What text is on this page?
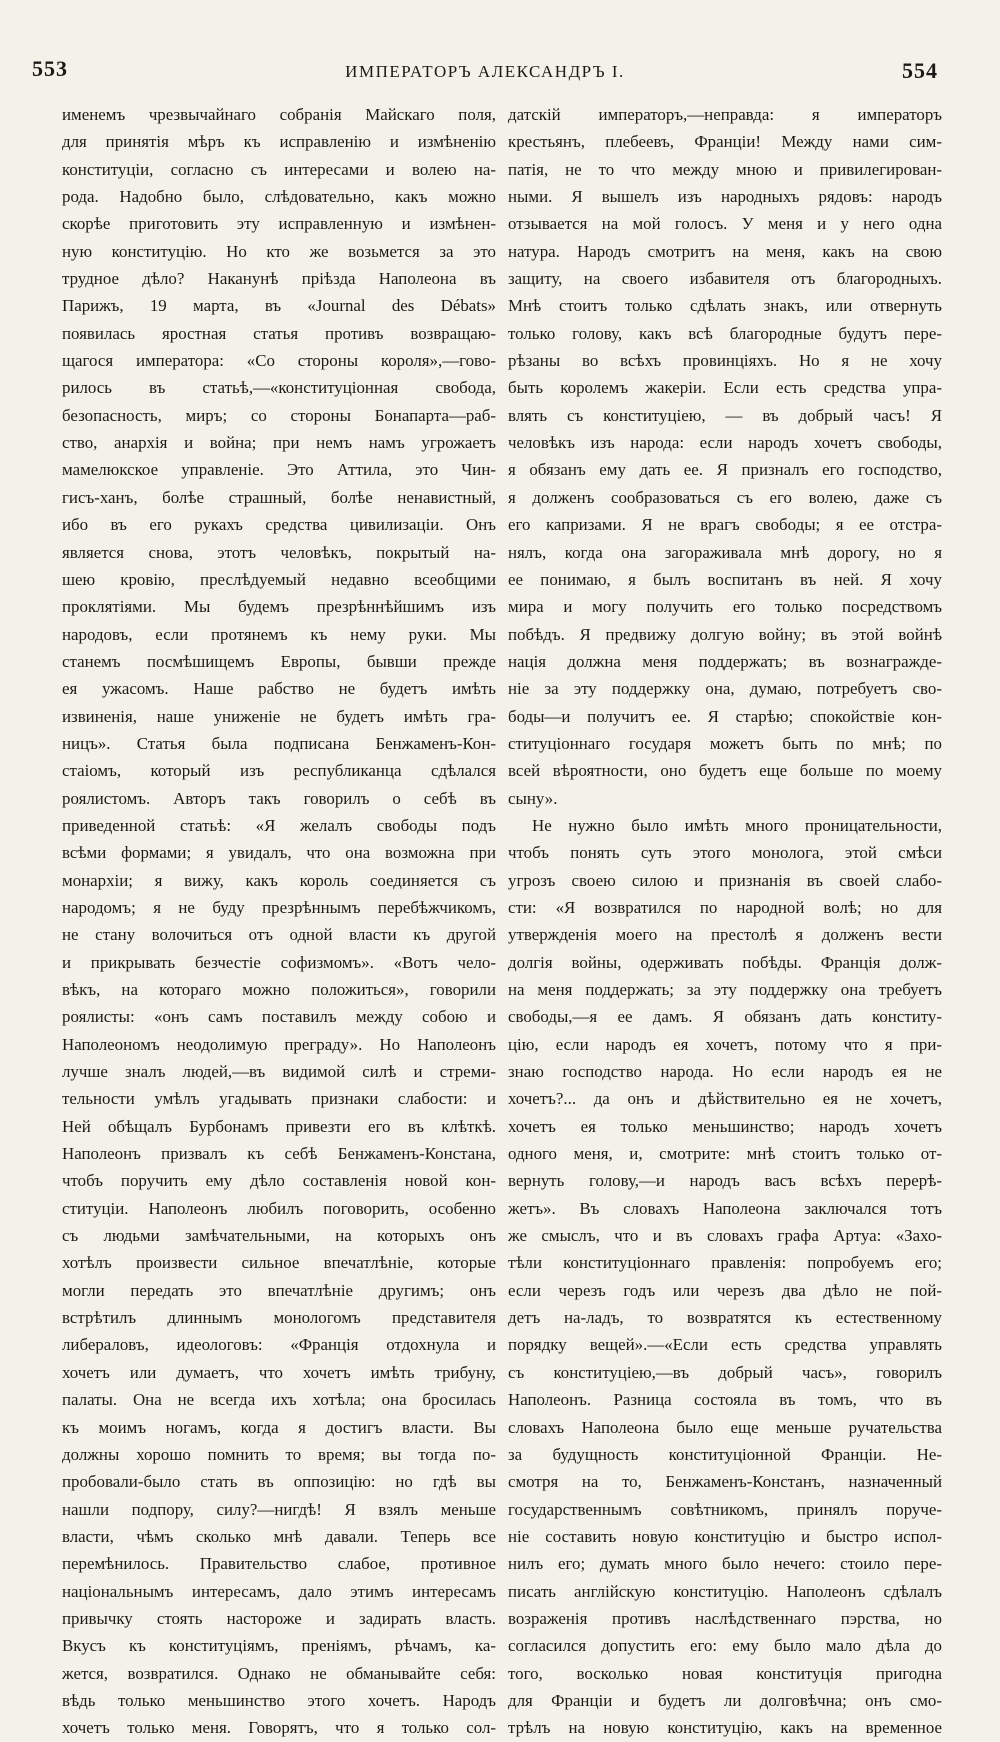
553	ИМПЕРАТОРЪ АЛЕКСАНДРЪ I.	554
именемъ чрезвычайнаго собранія Майскаго поля,
для принятія мѣръ къ исправленію и измѣненію
конституціи, согласно съ интересами и волею на-
рода. Надобно было, слѣдовательно, какъ можно
скорѣе приготовить эту исправленную и измѣнен-
ную конституцію. Но кто же возьмется за это
трудное дѣло? Наканунѣ пріѣзда Наполеона въ
Парижъ, 19 марта, въ «Journal des Débats»
появилась яростная статья противъ возвращаю-
щагося императора: «Со стороны короля»,—гово-
рилось въ статьѣ,—«конституціонная свобода,
безопасность, миръ; со стороны Бонапарта—раб-
ство, анархія и война; при немъ намъ угрожаетъ
мамелюкское управленіе. Это Аттила, это Чин-
гисъ-ханъ, болѣе страшный, болѣе ненавистный,
ибо въ его рукахъ средства цивилизаціи. Онъ
является снова, этотъ человѣкъ, покрытый на-
шею кровію, преслѣдуемый недавно всеобщими
проклятіями. Мы будемъ презрѣннѣйшимъ изъ
народовъ, если протянемъ къ нему руки. Мы
станемъ посмѣшищемъ Европы, бывши прежде
ея ужасомъ. Наше рабство не будетъ имѣть
извиненія, наше униженіе не будетъ имѣть гра-
ницъ». Статья была подписана Бенжаменъ-Кон-
стаіомъ, который изъ республиканца сдѣлался
роялистомъ. Авторъ такъ говорилъ о себѣ въ
приведенной статьѣ: «Я желалъ свободы подъ
всѣми формами; я увидалъ, что она возможна при
монархіи; я вижу, какъ король соединяется съ
народомъ; я не буду презрѣннымъ перебѣжчикомъ,
не стану волочиться отъ одной власти къ другой
и прикрывать безчестіе софизмомъ». «Вотъ чело-
вѣкъ, на котораго можно положиться», говорили
роялисты: «онъ самъ поставилъ между собою и
Наполеономъ неодолимую преграду». Но Наполеонъ
лучше зналъ людей,—въ видимой силѣ и стреми-
тельности умѣлъ угадывать признаки слабости: и
Ней обѣщалъ Бурбонамъ привезти его въ клѣткѣ.
Наполеонъ призвалъ къ себѣ Бенжаменъ-Констана,
чтобъ поручить ему дѣло составленія новой кон-
ституціи. Наполеонъ любилъ поговорить, особенно
съ людьми замѣчательными, на которыхъ онъ
хотѣлъ произвести сильное впечатлѣніе, которые
могли передать это впечатлѣніе другимъ; онъ
встрѣтилъ длиннымъ монологомъ представителя
либераловъ, идеологовъ: «Франція отдохнула и
хочетъ или думаетъ, что хочетъ имѣть трибуну,
палаты. Она не всегда ихъ хотѣла; она бросилась
къ моимъ ногамъ, когда я достигъ власти. Вы
должны хорошо помнить то время; вы тогда по-
пробовали-было стать въ оппозицію: но гдѣ вы
нашли подпору, силу?—нигдѣ! Я взялъ меньше
власти, чѣмъ сколько мнѣ давали. Теперь все
перемѣнилось. Правительство слабое, противное
національнымъ интересамъ, дало этимъ интересамъ
привычку стоять настороже и задирать власть.
Вкусъ къ конституціямъ, преніямъ, рѣчамъ, ка-
жется, возвратился. Однако не обманывайте себя:
вѣдь только меньшинство этого хочетъ. Народъ
хочетъ только меня. Говорятъ, что я только сол-
датскій императоръ,—неправда: я императоръ
крестьянъ, плебеевъ, Франціи! Между нами сим-
патія, не то что между мною и привилегирован-
ными. Я вышелъ изъ народныхъ рядовъ: народъ
отзывается на мой голосъ. У меня и у него одна
натура. Народъ смотритъ на меня, какъ на свою
защиту, на своего избавителя отъ благородныхъ.
Мнѣ стоитъ только сдѣлать знакъ, или отвернуть
только голову, какъ всѣ благородные будутъ пере-
рѣзаны во всѣхъ провинціяхъ. Но я не хочу
быть королемъ жакеріи. Если есть средства упра-
влять съ конституціею, — въ добрый часъ! Я
человѣкъ изъ народа: если народъ хочетъ свободы,
я обязанъ ему дать ее. Я призналъ его господство,
я долженъ сообразоваться съ его волею, даже съ
его капризами. Я не врагъ свободы; я ее отстра-
нялъ, когда она загораживала мнѣ дорогу, но я
ее понимаю, я былъ воспитанъ въ ней. Я хочу
мира и могу получить его только посредствомъ
побѣдъ. Я предвижу долгую войну; въ этой войнѣ
нація должна меня поддержать; въ вознагражде-
ніе за эту поддержку она, думаю, потребуетъ сво-
боды—и получитъ ее. Я старѣю; спокойствіе кон-
ституціоннаго государя можетъ быть по мнѣ; по
всей вѣроятности, оно будетъ еще больше по моему
сыну».
Не нужно было имѣть много проницательности,
чтобъ понять суть этого монолога, этой смѣси
угрозъ своею силою и признанія въ своей слабо-
сти: «Я возвратился по народной волѣ; но для
утвержденія моего на престолѣ я долженъ вести
долгія войны, одерживать побѣды. Франція долж-
на меня поддержать; за эту поддержку она требуетъ
свободы,—я ее дамъ. Я обязанъ дать конститу-
цію, если народъ ея хочетъ, потому что я при-
знаю господство народа. Но если народъ ея не
хочетъ?... да онъ и дѣйствительно ея не хочетъ,
хочетъ ея только меньшинство; народъ хочетъ
одного меня, и, смотрите: мнѣ стоитъ только от-
вернуть голову,—и народъ васъ всѣхъ перерѣ-
жетъ». Въ словахъ Наполеона заключался тотъ
же смыслъ, что и въ словахъ графа Артуа: «Захо-
тѣли конституціоннаго правленія: попробуемъ его;
если черезъ годъ или черезъ два дѣло не пой-
детъ на-ладъ, то возвратятся къ естественному
порядку вещей».—«Если есть средства управлять
съ конституціею,—въ добрый часъ», говорилъ
Наполеонъ. Разница состояла въ томъ, что въ
словахъ Наполеона было еще меньше ручательства
за будущность конституціонной Франціи. Не-
смотря на то, Бенжаменъ-Констанъ, назначенный
государственнымъ совѣтникомъ, принялъ поруче-
ніе составить новую конституцію и быстро испол-
нилъ его; думать много было нечего: стоило пере-
писать англійскую конституцію. Наполеонъ сдѣлалъ
возраженія противъ наслѣдственнаго пэрства, но
согласился допустить его: ему было мало дѣла до
того, восколько новая конституція пригодна
для Франціи и будетъ ли долговѣчна; онъ смо-
трѣлъ на новую конституцію, какъ на временное
